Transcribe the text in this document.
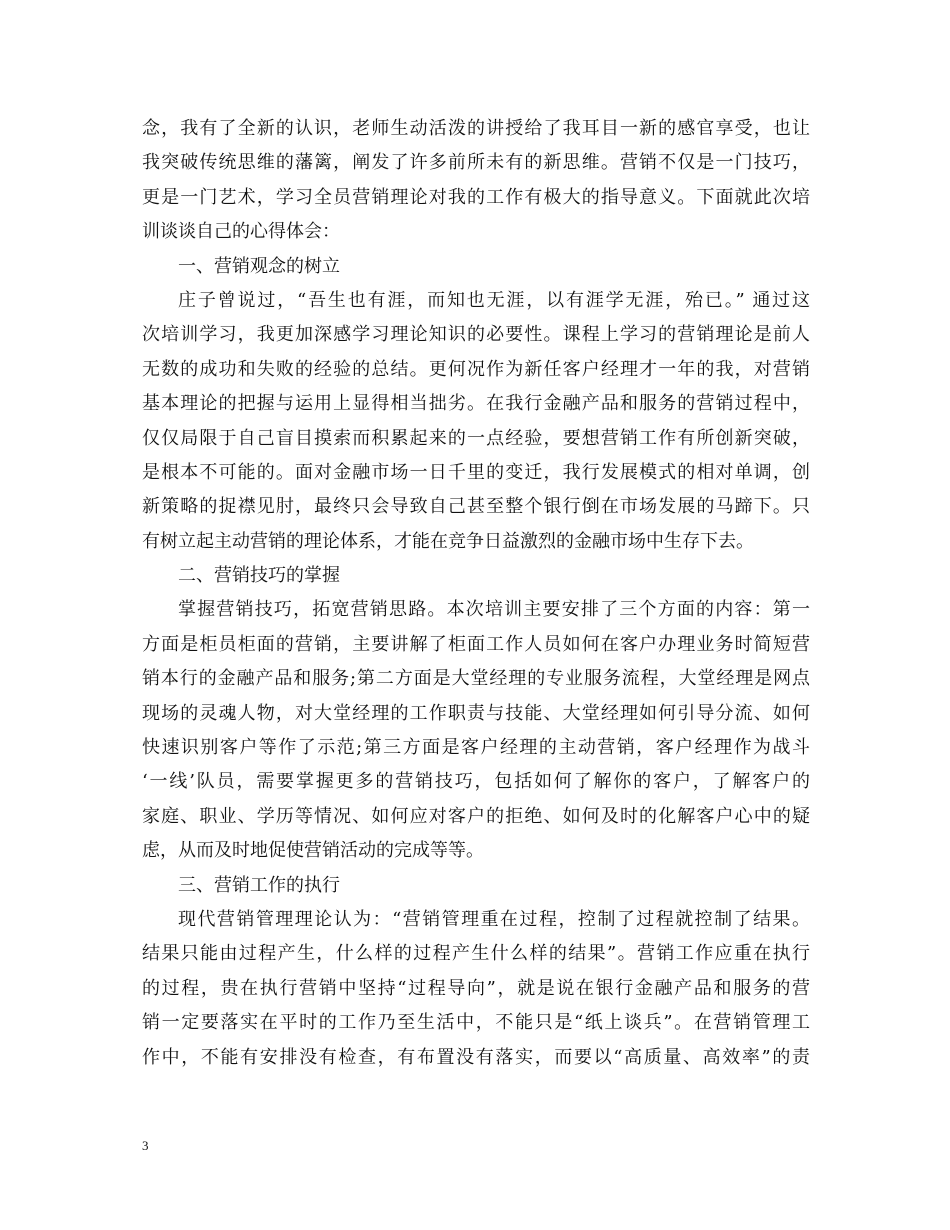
念，我有了全新的认识，老师生动活泼的讲授给了我耳目一新的感官享受，也让
我突破传统思维的藩篱，阐发了许多前所未有的新思维。营销不仅是一门技巧，
更是一门艺术，学习全员营销理论对我的工作有极大的指导意义。下面就此次培
训谈谈自己的心得体会：
一、营销观念的树立
庄子曾说过，“吾生也有涯，而知也无涯，以有涯学无涯，殆已。” 通过这
次培训学习，我更加深感学习理论知识的必要性。课程上学习的营销理论是前人
无数的成功和失败的经验的总结。更何况作为新任客户经理才一年的我，对营销
基本理论的把握与运用上显得相当拙劣。在我行金融产品和服务的营销过程中，
仅仅局限于自己盲目摸索而积累起来的一点经验，要想营销工作有所创新突破，
是根本不可能的。面对金融市场一日千里的变迁，我行发展模式的相对单调，创
新策略的捉襟见肘，最终只会导致自己甚至整个银行倒在市场发展的马蹄下。只
有树立起主动营销的理论体系，才能在竞争日益激烈的金融市场中生存下去。
二、营销技巧的掌握
掌握营销技巧，拓宽营销思路。本次培训主要安排了三个方面的内容：第一
方面是柜员柜面的营销，主要讲解了柜面工作人员如何在客户办理业务时简短营
销本行的金融产品和服务;第二方面是大堂经理的专业服务流程，大堂经理是网点
现场的灵魂人物，对大堂经理的工作职责与技能、大堂经理如何引导分流、如何
快速识别客户等作了示范;第三方面是客户经理的主动营销，客户经理作为战斗
‘一线’队员，需要掌握更多的营销技巧，包括如何了解你的客户，了解客户的
家庭、职业、学历等情况、如何应对客户的拒绝、如何及时的化解客户心中的疑
虑，从而及时地促使营销活动的完成等等。
三、营销工作的执行
现代营销管理理论认为：“营销管理重在过程，控制了过程就控制了结果。
结果只能由过程产生，什么样的过程产生什么样的结果”。营销工作应重在执行
的过程，贵在执行营销中坚持“过程导向”，就是说在银行金融产品和服务的营
销一定要落实在平时的工作乃至生活中，不能只是“纸上谈兵”。在营销管理工
作中，不能有安排没有检查，有布置没有落实，而要以“高质量、高效率”的责
3
